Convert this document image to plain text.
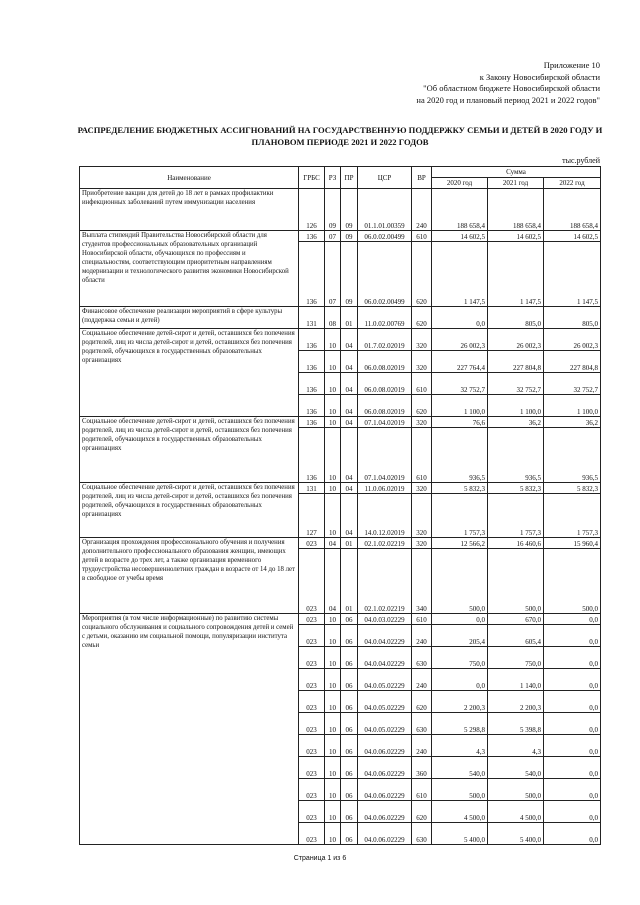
Приложение 10
к Закону Новосибирской области
"Об областном бюджете Новосибирской области
на 2020 год и плановый период 2021 и 2022 годов"
РАСПРЕДЕЛЕНИЕ БЮДЖЕТНЫХ АССИГНОВАНИЙ НА ГОСУДАРСТВЕННУЮ ПОДДЕРЖКУ СЕМЬИ И ДЕТЕЙ В 2020 ГОДУ И
ПЛАНОВОМ ПЕРИОДЕ 2021 И 2022 ГОДОВ
тыс.рублей
Наименование	ГРБС	РЗ	ПР	ЦСР	ВР	Сумма		
						2020 год	2021 год	2022 год
Приобретение вакцин для детей до 18 лет в рамках профилактики инфекционных заболеваний путем иммунизации населения	126	09	09	01.1.01.00359	240	188 658,4	188 658,4	188 658,4
Выплата стипендий Правительства Новосибирской области для студентов профессиональных образовательных организаций Новосибирской области, обучающихся по профессиям и специальностям, соответствующим приоритетным направлениям модернизации и технологического развития экономики Новосибирской области	136	07	09	06.0.02.00499	610	14 602,5	14 602,5	14 602,5
	136	07	09	06.0.02.00499	620	1 147,5	1 147,5	1 147,5
Финансовое обеспечение реализации мероприятий в сфере культуры (поддержка семьи и детей)	131	08	01	11.0.02.00769	620	0,0	805,0	805,0
Социальное обеспечение детей-сирот и детей, оставшихся без попечения родителей, лиц из числа детей-сирот и детей, оставшихся без попечения родителей, обучающихся в государственных образовательных организациях	136	10	04	01.7.02.02019	320	26 002,3	26 002,3	26 002,3
	136	10	04	06.0.08.02019	320	227 764,4	227 804,8	227 804,8
	136	10	04	06.0.08.02019	610	32 752,7	32 752,7	32 752,7
	136	10	04	06.0.08.02019	620	1 100,0	1 100,0	1 100,0
Социальное обеспечение детей-сирот и детей, оставшихся без попечения родителей, лиц из числа детей-сирот и детей, оставшихся без попечения родителей, обучающихся в государственных образовательных организациях	136	10	04	07.1.04.02019	320	76,6	36,2	36,2
	136	10	04	07.1.04.02019	610	936,5	936,5	936,5
Социальное обеспечение детей-сирот и детей, оставшихся без попечения родителей, лиц из числа детей-сирот и детей, оставшихся без попечения родителей, обучающихся в государственных образовательных организациях	131	10	04	11.0.06.02019	320	5 832,3	5 832,3	5 832,3
	127	10	04	14.0.12.02019	320	1 757,3	1 757,3	1 757,3
Организация прохождения профессионального обучения и получения дополнительного профессионального образования женщин, имеющих детей в возрасте до трех лет, а также организация временного трудоустройства несовершеннолетних граждан в возрасте от 14 до 18 лет в свободное от учебы время	023	04	01	02.1.02.02219	320	12 566,2	16 460,6	15 960,4
	023	04	01	02.1.02.02219	340	500,0	500,0	500,0
Мероприятия (в том числе информационные) по развитию системы социального обслуживания и социального сопровождения детей и семей с детьми, оказанию им социальной помощи, популяризации института семьи	023	10	06	04.0.03.02229	610	0,0	670,0	0,0
	023	10	06	04.0.04.02229	240	205,4	605,4	0,0
	023	10	06	04.0.04.02229	630	750,0	750,0	0,0
	023	10	06	04.0.05.02229	240	0,0	1 140,0	0,0
	023	10	06	04.0.05.02229	620	2 200,3	2 200,3	0,0
	023	10	06	04.0.05.02229	630	5 298,8	5 398,8	0,0
	023	10	06	04.0.06.02229	240	4,3	4,3	0,0
	023	10	06	04.0.06.02229	360	540,0	540,0	0,0
	023	10	06	04.0.06.02229	610	500,0	500,0	0,0
	023	10	06	04.0.06.02229	620	4 500,0	4 500,0	0,0
	023	10	06	04.0.06.02229	630	5 400,0	5 400,0	0,0
Страница 1 из 6
